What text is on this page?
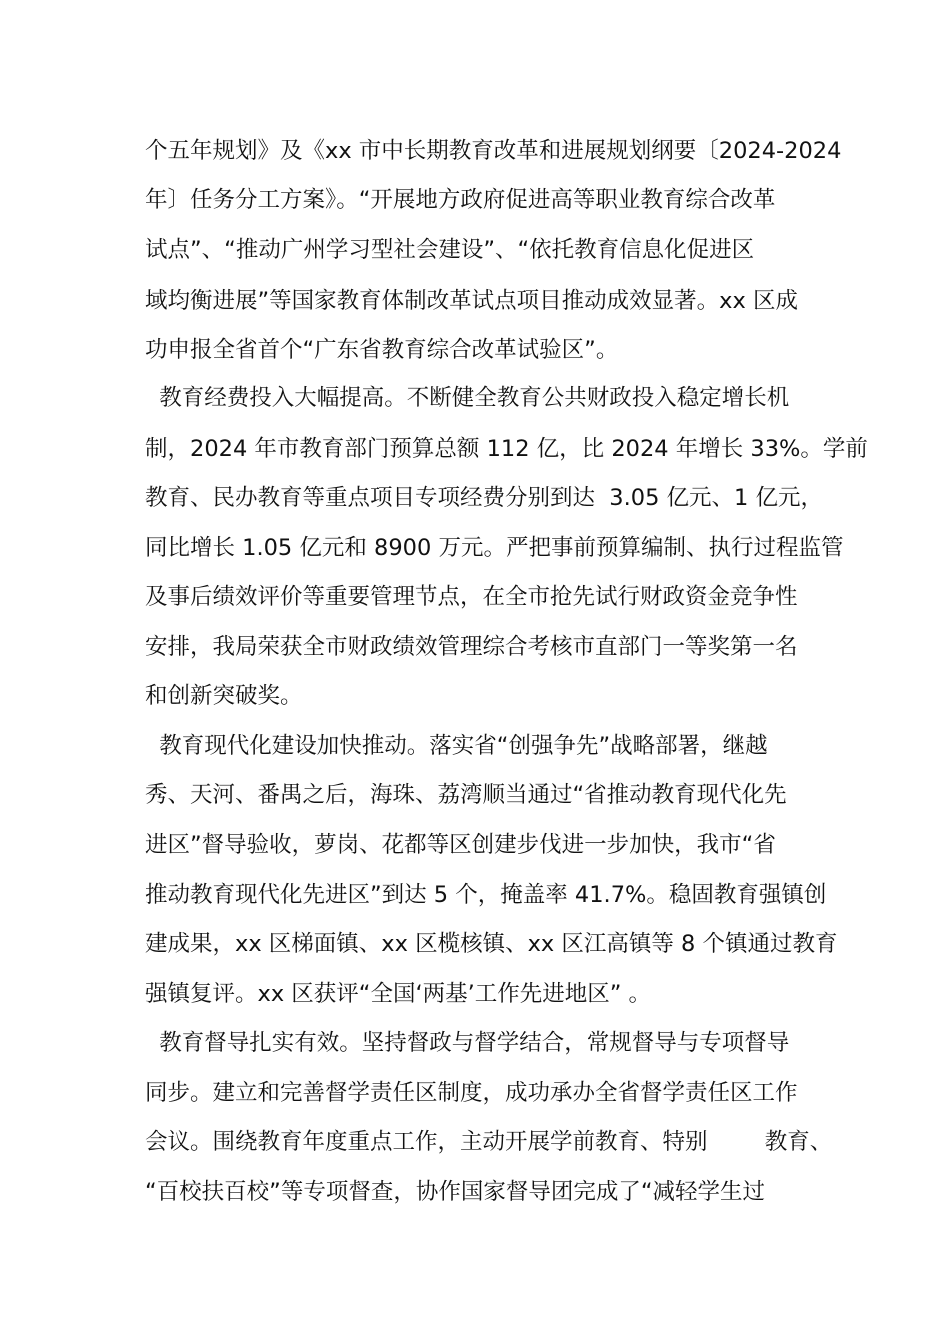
个五年规划》及《xx 市中长期教育改革和进展规划纲要〔2024-2024

年〕任务分工方案》。“开展地方政府促进高等职业教育综合改革

试点”、“推动广州学习型社会建设”、“依托教育信息化促进区

域均衡进展”等国家教育体制改革试点项目推动成效显著。xx 区成

功申报全省首个“广东省教育综合改革试验区”。

教育经费投入大幅提高。不断健全教育公共财政投入稳定增长机

制，2024 年市教育部门预算总额 112 亿，比 2024 年增长 33%。学前

教育、民办教育等重点项目专项经费分别到达  3.05 亿元、1 亿元，

同比增长 1.05 亿元和 8900 万元。严把事前预算编制、执行过程监管

及事后绩效评价等重要管理节点，在全市抢先试行财政资金竞争性

安排，我局荣获全市财政绩效管理综合考核市直部门一等奖第一名

和创新突破奖。

教育现代化建设加快推动。落实省“创强争先”战略部署，继越

秀、天河、番禺之后，海珠、荔湾顺当通过“省推动教育现代化先

进区”督导验收，萝岗、花都等区创建步伐进一步加快，我市“省

推动教育现代化先进区”到达 5 个，掩盖率 41.7%。稳固教育强镇创

建成果，xx 区梯面镇、xx 区榄核镇、xx 区江高镇等 8 个镇通过教育

强镇复评。xx 区获评“全国‘两基’工作先进地区” 。

教育督导扎实有效。坚持督政与督学结合，常规督导与专项督导

同步。建立和完善督学责任区制度，成功承办全省督学责任区工作

会议。围绕教育年度重点工作，主动开展学前教育、特别        教育、

“百校扶百校”等专项督查，协作国家督导团完成了“减轻学生过
